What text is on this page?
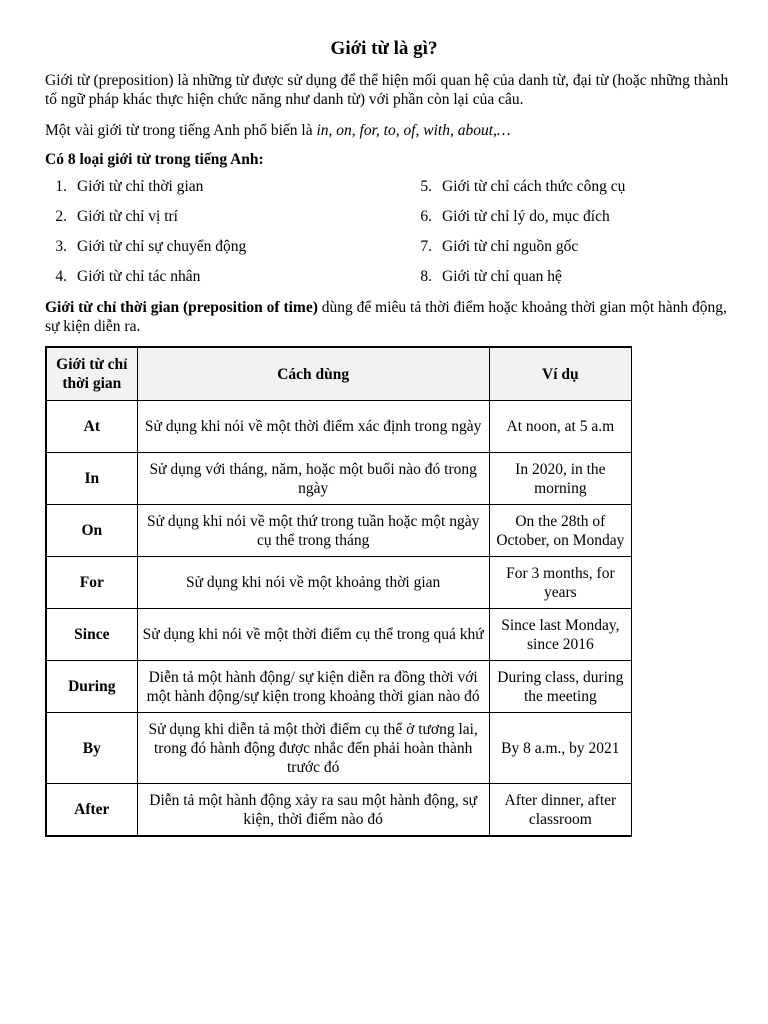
Giới từ là gì?
Giới từ (preposition) là những từ được sử dụng để thể hiện mối quan hệ của danh từ, đại từ (hoặc những thành tố ngữ pháp khác thực hiện chức năng như danh từ) với phần còn lại của câu.
Một vài giới từ trong tiếng Anh phổ biến là in, on, for, to, of, with, about,…
Có 8 loại giới từ trong tiếng Anh:
1. Giới từ chỉ thời gian
2. Giới từ chỉ vị trí
3. Giới từ chỉ sự chuyển động
4. Giới từ chỉ tác nhân
5. Giới từ chỉ cách thức công cụ
6. Giới từ chỉ lý do, mục đích
7. Giới từ chỉ nguồn gốc
8. Giới từ chỉ quan hệ
Giới từ chỉ thời gian (preposition of time) dùng để miêu tả thời điểm hoặc khoảng thời gian một hành động, sự kiện diễn ra.
Giới từ chỉ thời gian	Cách dùng	Ví dụ
At	Sử dụng khi nói về một thời điểm xác định trong ngày	At noon, at 5 a.m
In	Sử dụng với tháng, năm, hoặc một buổi nào đó trong ngày	In 2020, in the morning
On	Sử dụng khi nói về một thứ trong tuần hoặc một ngày cụ thể trong tháng	On the 28th of October, on Monday
For	Sử dụng khi nói về một khoảng thời gian	For 3 months, for years
Since	Sử dụng khi nói về một thời điểm cụ thể trong quá khứ	Since last Monday, since 2016
During	Diễn tả một hành động/ sự kiện diễn ra đồng thời với một hành động/sự kiện trong khoảng thời gian nào đó	During class, during the meeting
By	Sử dụng khi diễn tả một thời điểm cụ thể ở tương lai, trong đó hành động được nhắc đến phải hoàn thành trước đó	By 8 a.m., by 2021
After	Diễn tả một hành động xảy ra sau một hành động, sự kiện, thời điểm nào đó	After dinner, after classroom
